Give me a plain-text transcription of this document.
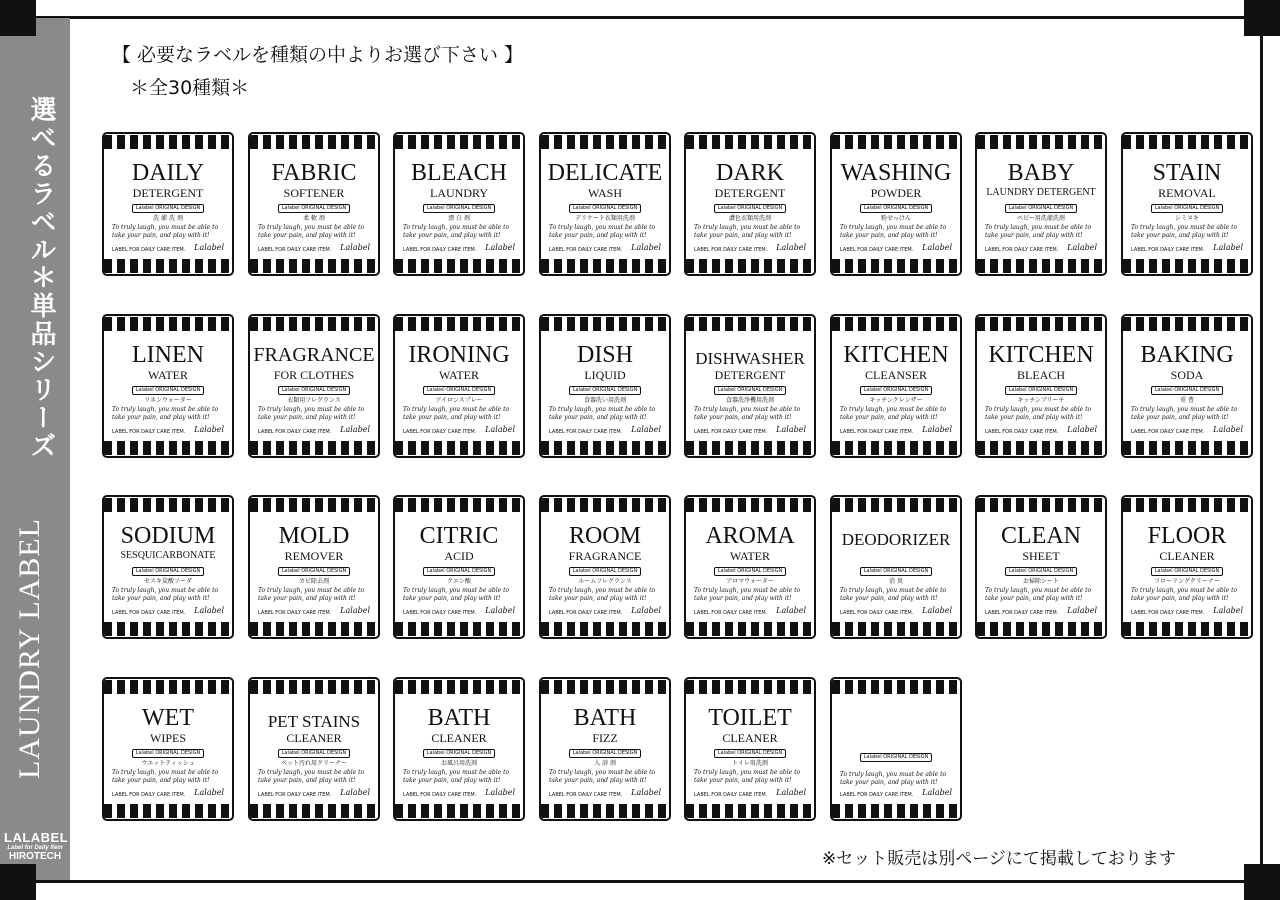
選べるラベル＊単品シリーズ
LAUNDRY LABEL
LALABEL
Label for Daily Item
HIROTECH
【 必要なラベルを種類の中よりお選び下さい 】
＊全30種類＊
DAILY
DETERGENT
洗 濯 洗 剤
Lalabel ORIGINAL DESIGN
To truly laugh, you must be able to take your pain, and play with it!
LABEL FOR DAILY CARE ITEM. Lalabel
FABRIC
SOFTENER
柔 軟 剤
Lalabel ORIGINAL DESIGN
To truly laugh, you must be able to take your pain, and play with it!
LABEL FOR DAILY CARE ITEM. Lalabel
BLEACH
LAUNDRY
漂 白 剤
Lalabel ORIGINAL DESIGN
To truly laugh, you must be able to take your pain, and play with it!
LABEL FOR DAILY CARE ITEM. Lalabel
DELICATE
WASH
デリケート衣類用洗剤
Lalabel ORIGINAL DESIGN
To truly laugh, you must be able to take your pain, and play with it!
LABEL FOR DAILY CARE ITEM. Lalabel
DARK
DETERGENT
濃色衣類用洗剤
Lalabel ORIGINAL DESIGN
To truly laugh, you must be able to take your pain, and play with it!
LABEL FOR DAILY CARE ITEM. Lalabel
WASHING
POWDER
粉せっけん
Lalabel ORIGINAL DESIGN
To truly laugh, you must be able to take your pain, and play with it!
LABEL FOR DAILY CARE ITEM. Lalabel
BABY
LAUNDRY DETERGENT
ベビー用洗濯洗剤
Lalabel ORIGINAL DESIGN
To truly laugh, you must be able to take your pain, and play with it!
LABEL FOR DAILY CARE ITEM. Lalabel
STAIN
REMOVAL
シミヌキ
Lalabel ORIGINAL DESIGN
To truly laugh, you must be able to take your pain, and play with it!
LABEL FOR DAILY CARE ITEM. Lalabel
LINEN
WATER
リネンウォーター
Lalabel ORIGINAL DESIGN
To truly laugh, you must be able to take your pain, and play with it!
LABEL FOR DAILY CARE ITEM. Lalabel
FRAGRANCE
FOR CLOTHES
衣類用フレグランス
Lalabel ORIGINAL DESIGN
To truly laugh, you must be able to take your pain, and play with it!
LABEL FOR DAILY CARE ITEM. Lalabel
IRONING
WATER
アイロンスプレー
Lalabel ORIGINAL DESIGN
To truly laugh, you must be able to take your pain, and play with it!
LABEL FOR DAILY CARE ITEM. Lalabel
DISH
LIQUID
食器洗い用洗剤
Lalabel ORIGINAL DESIGN
To truly laugh, you must be able to take your pain, and play with it!
LABEL FOR DAILY CARE ITEM. Lalabel
DISHWASHER
DETERGENT
食器洗浄機用洗剤
Lalabel ORIGINAL DESIGN
To truly laugh, you must be able to take your pain, and play with it!
LABEL FOR DAILY CARE ITEM. Lalabel
KITCHEN
CLEANSER
キッチンクレンザー
Lalabel ORIGINAL DESIGN
To truly laugh, you must be able to take your pain, and play with it!
LABEL FOR DAILY CARE ITEM. Lalabel
KITCHEN
BLEACH
キッチンブリーチ
Lalabel ORIGINAL DESIGN
To truly laugh, you must be able to take your pain, and play with it!
LABEL FOR DAILY CARE ITEM. Lalabel
BAKING
SODA
重 曹
Lalabel ORIGINAL DESIGN
To truly laugh, you must be able to take your pain, and play with it!
LABEL FOR DAILY CARE ITEM. Lalabel
SODIUM
SESQUICARBONATE
セスキ炭酸ソーダ
Lalabel ORIGINAL DESIGN
To truly laugh, you must be able to take your pain, and play with it!
LABEL FOR DAILY CARE ITEM. Lalabel
MOLD
REMOVER
カビ除去剤
Lalabel ORIGINAL DESIGN
To truly laugh, you must be able to take your pain, and play with it!
LABEL FOR DAILY CARE ITEM. Lalabel
CITRIC
ACID
クエン酸
Lalabel ORIGINAL DESIGN
To truly laugh, you must be able to take your pain, and play with it!
LABEL FOR DAILY CARE ITEM. Lalabel
ROOM
FRAGRANCE
ルームフレグランス
Lalabel ORIGINAL DESIGN
To truly laugh, you must be able to take your pain, and play with it!
LABEL FOR DAILY CARE ITEM. Lalabel
AROMA
WATER
アロマウォーター
Lalabel ORIGINAL DESIGN
To truly laugh, you must be able to take your pain, and play with it!
LABEL FOR DAILY CARE ITEM. Lalabel
DEODORIZER
消 臭
Lalabel ORIGINAL DESIGN
To truly laugh, you must be able to take your pain, and play with it!
LABEL FOR DAILY CARE ITEM. Lalabel
CLEAN
SHEET
お掃除シート
Lalabel ORIGINAL DESIGN
To truly laugh, you must be able to take your pain, and play with it!
LABEL FOR DAILY CARE ITEM. Lalabel
FLOOR
CLEANER
フローリングクリーナー
Lalabel ORIGINAL DESIGN
To truly laugh, you must be able to take your pain, and play with it!
LABEL FOR DAILY CARE ITEM. Lalabel
WET
WIPES
ウエットティッシュ
Lalabel ORIGINAL DESIGN
To truly laugh, you must be able to take your pain, and play with it!
LABEL FOR DAILY CARE ITEM. Lalabel
PET STAINS
CLEANER
ペット汚れ用クリーナー
Lalabel ORIGINAL DESIGN
To truly laugh, you must be able to take your pain, and play with it!
LABEL FOR DAILY CARE ITEM. Lalabel
BATH
CLEANER
お風呂用洗剤
Lalabel ORIGINAL DESIGN
To truly laugh, you must be able to take your pain, and play with it!
LABEL FOR DAILY CARE ITEM. Lalabel
BATH
FIZZ
入 浴 剤
Lalabel ORIGINAL DESIGN
To truly laugh, you must be able to take your pain, and play with it!
LABEL FOR DAILY CARE ITEM. Lalabel
TOILET
CLEANER
トイレ用洗剤
Lalabel ORIGINAL DESIGN
To truly laugh, you must be able to take your pain, and play with it!
LABEL FOR DAILY CARE ITEM. Lalabel
Lalabel ORIGINAL DESIGN
To truly laugh, you must be able to take your pain, and play with it!
LABEL FOR DAILY CARE ITEM. Lalabel
※セット販売は別ページにて掲載しております
